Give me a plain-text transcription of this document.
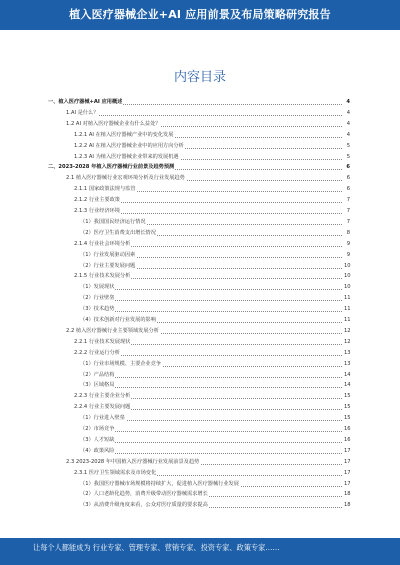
植入医疗器械企业+AI 应用前景及布局策略研究报告
内容目录
一、植入医疗器械+AI 应用概述	4
1.AI 是什么？	4
1.2 AI 对植入医疗器械企业有什么益处？	4
1.2.1 AI 在植入医疗器械产业中的变化发展	4
1.2.2 AI 在植入医疗器械企业中的应用方向分析	5
1.2.3 AI 为植入医疗器械企业带来的发展机遇	5
二、2023-2028 年植入医疗器械行业前景及趋势预测	6
2.1 植入医疗器械行业宏观环境分析及行业发展趋势	6
2.1.1 国家政策法规与监管	6
2.1.2 行业主要政策	7
2.1.3 行业经济环境	7
（1）我国国民经济运行情况	7
（2）医疗卫生消费支出增长情况	8
2.1.4 行业社会环境分析	9
（1）行业发展驱动因素	9
（2）行业主要发展问题	10
2.1.5 行业技术发展分析	10
（1）发展现状	10
（2）行业壁垒	11
（3）技术趋势	11
（4）技术创新对行业发展的影响	11
2.2 植入医疗器械行业主要领域发展分析	12
2.2.1 行业技术发展现状	12
2.2.2 行业运行分析	13
（1）行业市场规模、主要企业竞争	13
（2）产品结构	14
（3）区域格局	14
2.2.3 行业主要企业分析	15
2.2.4 行业主要发展问题	15
（1）行业进入壁垒	15
（2）市场竞争	16
（3）人才短缺	16
（4）政策风险	17
2.3 2023-2028 年中国植入医疗器械行业发展前景及趋势	17
2.3.1 医疗卫生领域需求及市场变化	17
（1）我国医疗器械市场规模将持续扩大，促进植入医疗器械行业发展	17
（2）人口老龄化趋势，消费升级带动医疗器械需求增长	18
（3）从消费升级角度来看，公众对医疗质量的要求提高	18
让每个人都能成为 行业专家、管理专家、营销专家、投资专家、政策专家……
